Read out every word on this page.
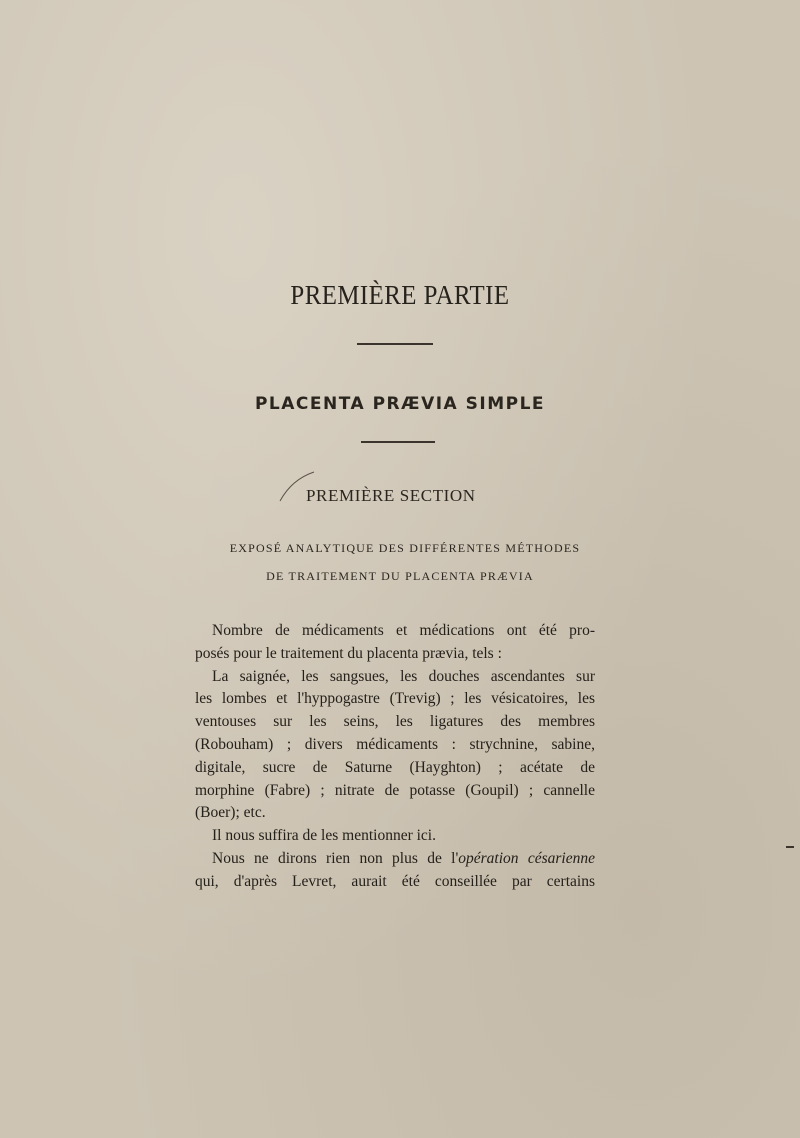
PREMIÈRE PARTIE
PLACENTA PRÆVIA SIMPLE
PREMIÈRE SECTION
EXPOSÉ ANALYTIQUE DES DIFFÉRENTES MÉTHODES
DE TRAITEMENT DU PLACENTA PRÆVIA
Nombre de médicaments et médications ont été pro-
posés pour le traitement du placenta prævia, tels :
La saignée, les sangsues, les douches ascendantes sur
les lombes et l'hyppogastre (Trevig) ; les vésicatoires, les
ventouses sur les seins, les ligatures des membres
(Robouham) ; divers médicaments : strychnine, sabine,
digitale, sucre de Saturne (Hayghton) ; acétate de
morphine (Fabre) ; nitrate de potasse (Goupil) ; cannelle
(Boer); etc.
Il nous suffira de les mentionner ici.
Nous ne dirons rien non plus de l'opération césarienne
qui, d'après Levret, aurait été conseillée par certains
